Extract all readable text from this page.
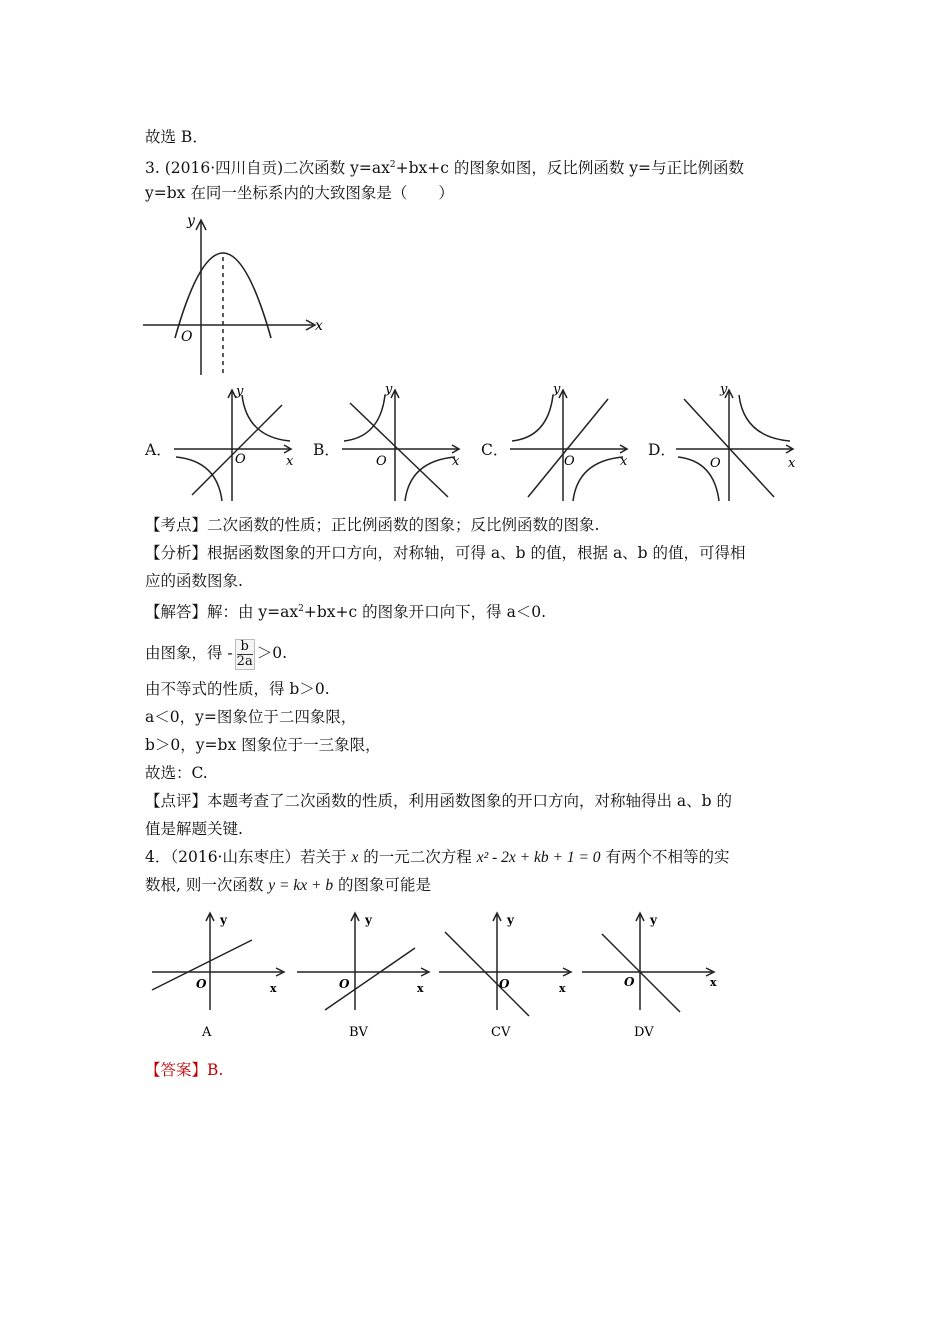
故选 B．
3. (2016·四川自贡)二次函数 $y=ax^2+bx+c$ 的图象如图，反比例函数 y=与正比例函数
y=bx 在同一坐标系内的大致图象是（　　）
x
y
O
A．	B．	C．	D．
x
y
O	x
y
O	x
y
O	x
y
O
【考点】二次函数的性质；正比例函数的图象；反比例函数的图象.
【分析】根据函数图象的开口方向，对称轴，可得 a、b 的值，根据 a、b 的值，可得相
应的函数图象.
【解答】解：由 $y=ax^2+bx+c$ 的图象开口向下，得 a＜0.
由图象，得 - $\frac{b}{2a} >0$.
由不等式的性质，得 b＞0.
a＜0，y=图象位于二四象限，
b＞0，y=bx 图象位于一三象限，
故选：C.
【点评】本题考查了二次函数的性质，利用函数图象的开口方向，对称轴得出 a、b 的
值是解题关键.
4．（2016·山东枣庄）若关于 x 的一元二次方程 x² - 2x + kb + 1 = 0 有两个不相等的实
数根, 则一次函数 y = kx + b 的图象可能是
x
y
O
A
x
y
O
BV
x
y
O
CV
x
y
O
DV
【答案】B.
